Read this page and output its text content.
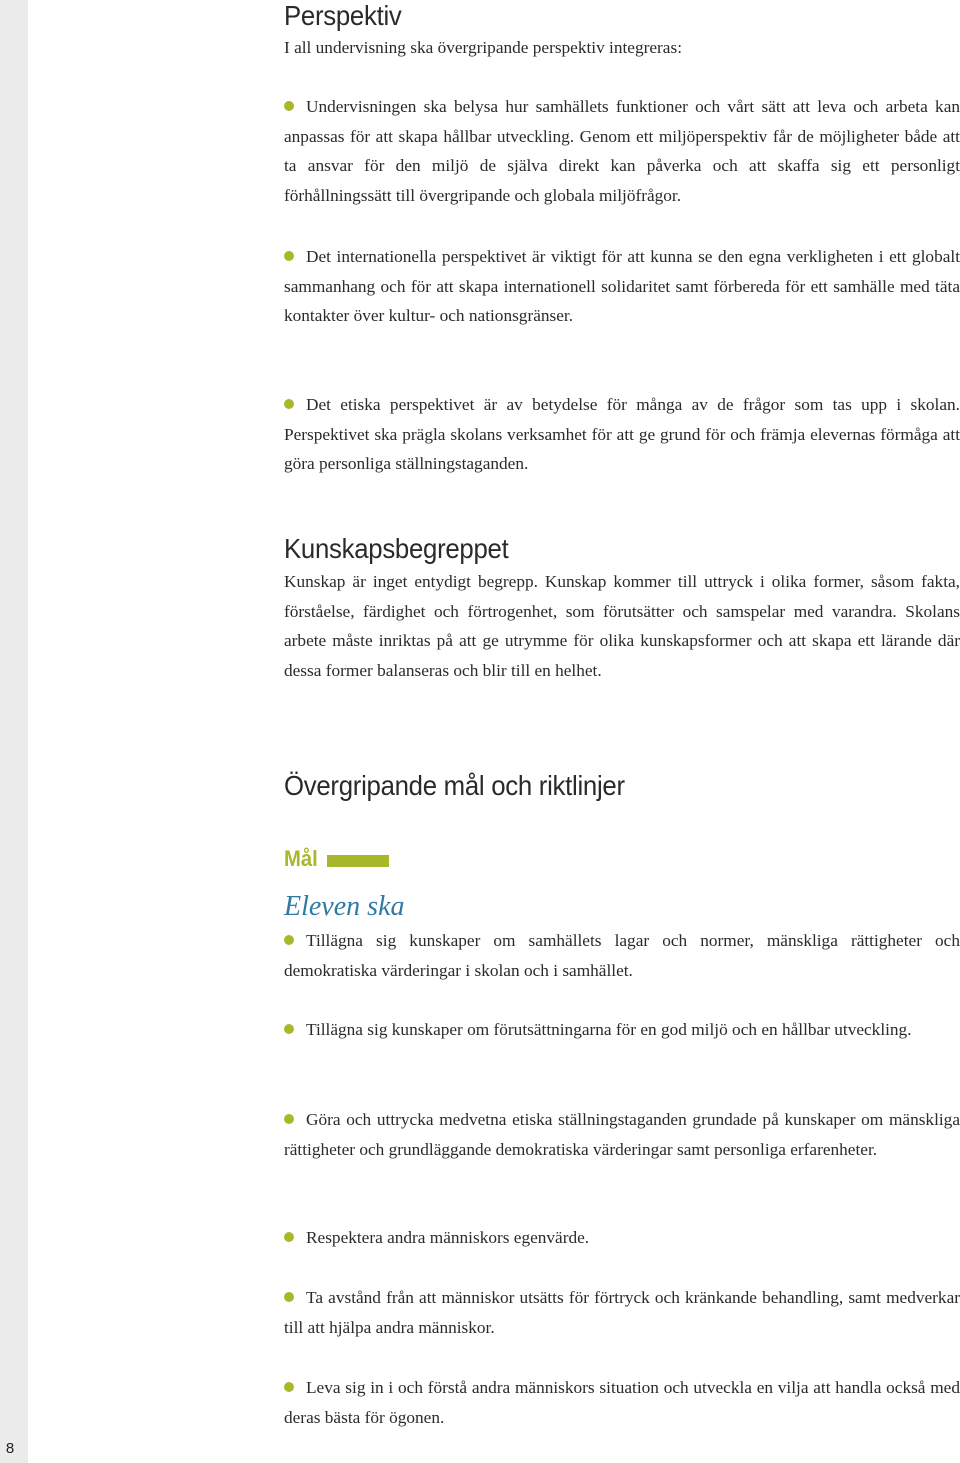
8
Perspektiv

I all undervisning ska övergripande perspektiv integreras:

Undervisningen ska belysa hur samhällets funktioner och vårt sätt att leva och arbeta kan anpassas för att skapa hållbar utveckling. Genom ett miljöperspektiv får de möjligheter både att ta ansvar för den miljö de själva direkt kan påverka och att skaffa sig ett personligt förhållningssätt till övergripande och globala miljöfrågor.

Det internationella perspektivet är viktigt för att kunna se den egna verkligheten i ett globalt sammanhang och för att skapa internationell solidaritet samt förbereda för ett samhälle med täta kontakter över kultur- och nationsgränser.

Det etiska perspektivet är av betydelse för många av de frågor som tas upp i skolan. Perspektivet ska prägla skolans verksamhet för att ge grund för och främja elevernas förmåga att göra personliga ställningstaganden.

Kunskapsbegreppet

Kunskap är inget entydigt begrepp. Kunskap kommer till uttryck i olika former, såsom fakta, förståelse, färdighet och förtrogenhet, som förutsätter och samspelar med varandra. Skolans arbete måste inriktas på att ge utrymme för olika kunskapsformer och att skapa ett lärande där dessa former balanseras och blir till en helhet.

Övergripande mål och riktlinjer
Mål

Eleven ska

Tillägna sig kunskaper om samhällets lagar och normer, mänskliga rättigheter och demokratiska värderingar i skolan och i samhället.

Tillägna sig kunskaper om förutsättningarna för en god miljö och en hållbar utveckling.

Göra och uttrycka medvetna etiska ställningstaganden grundade på kunskaper om mänskliga rättigheter och grundläggande demokratiska värderingar samt personliga erfarenheter.

Respektera andra människors egenvärde.

Ta avstånd från att människor utsätts för förtryck och kränkande behandling, samt medverkar till att hjälpa andra människor.

Leva sig in i och förstå andra människors situation och utveckla en vilja att handla också med deras bästa för ögonen.
